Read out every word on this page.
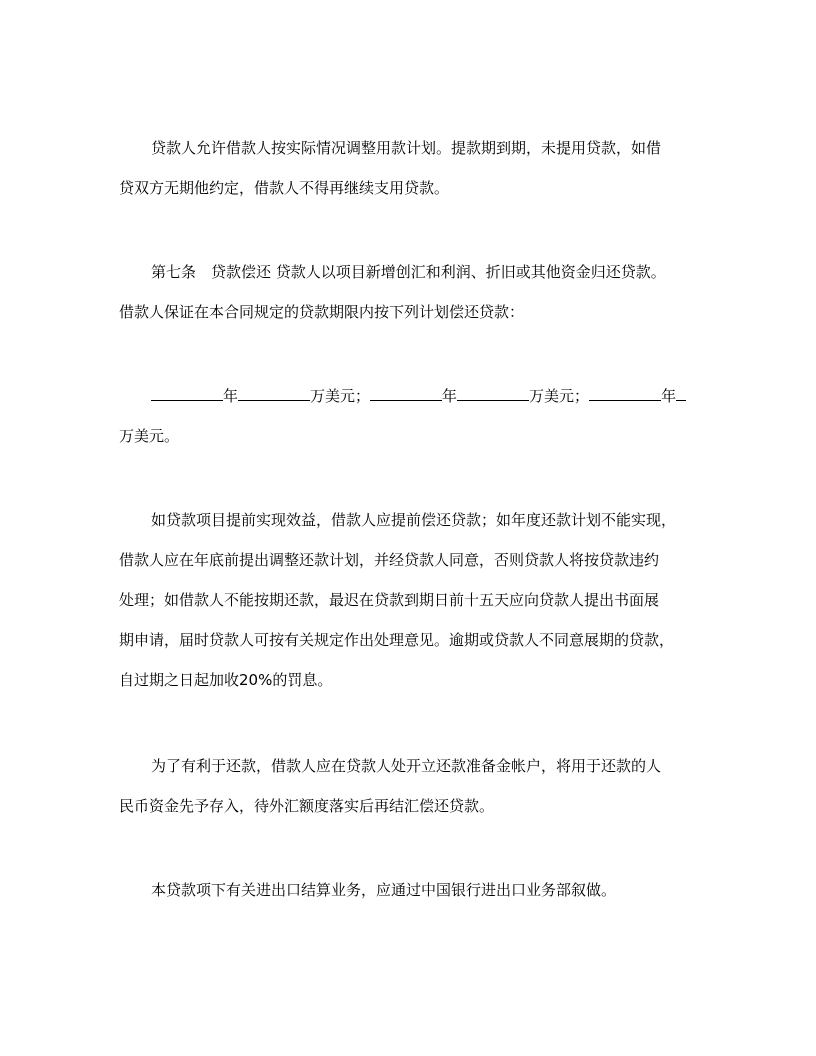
贷款人允许借款人按实际情况调整用款计划。提款期到期，未提用贷款，如借
贷双方无期他约定，借款人不得再继续支用贷款。
第七条　贷款偿还 贷款人以项目新增创汇和利润、折旧或其他资金归还贷款。
借款人保证在本合同规定的贷款期限内按下列计划偿还贷款：
年	万美元；	年	万美元；	年
万美元。
如贷款项目提前实现效益，借款人应提前偿还贷款；如年度还款计划不能实现，
借款人应在年底前提出调整还款计划，并经贷款人同意，否则贷款人将按贷款违约
处理；如借款人不能按期还款，最迟在贷款到期日前十五天应向贷款人提出书面展
期申请，届时贷款人可按有关规定作出处理意见。逾期或贷款人不同意展期的贷款，
自过期之日起加收20%的罚息。
为了有利于还款，借款人应在贷款人处开立还款准备金帐户，将用于还款的人
民币资金先予存入，待外汇额度落实后再结汇偿还贷款。
本贷款项下有关进出口结算业务，应通过中国银行进出口业务部叙做。
